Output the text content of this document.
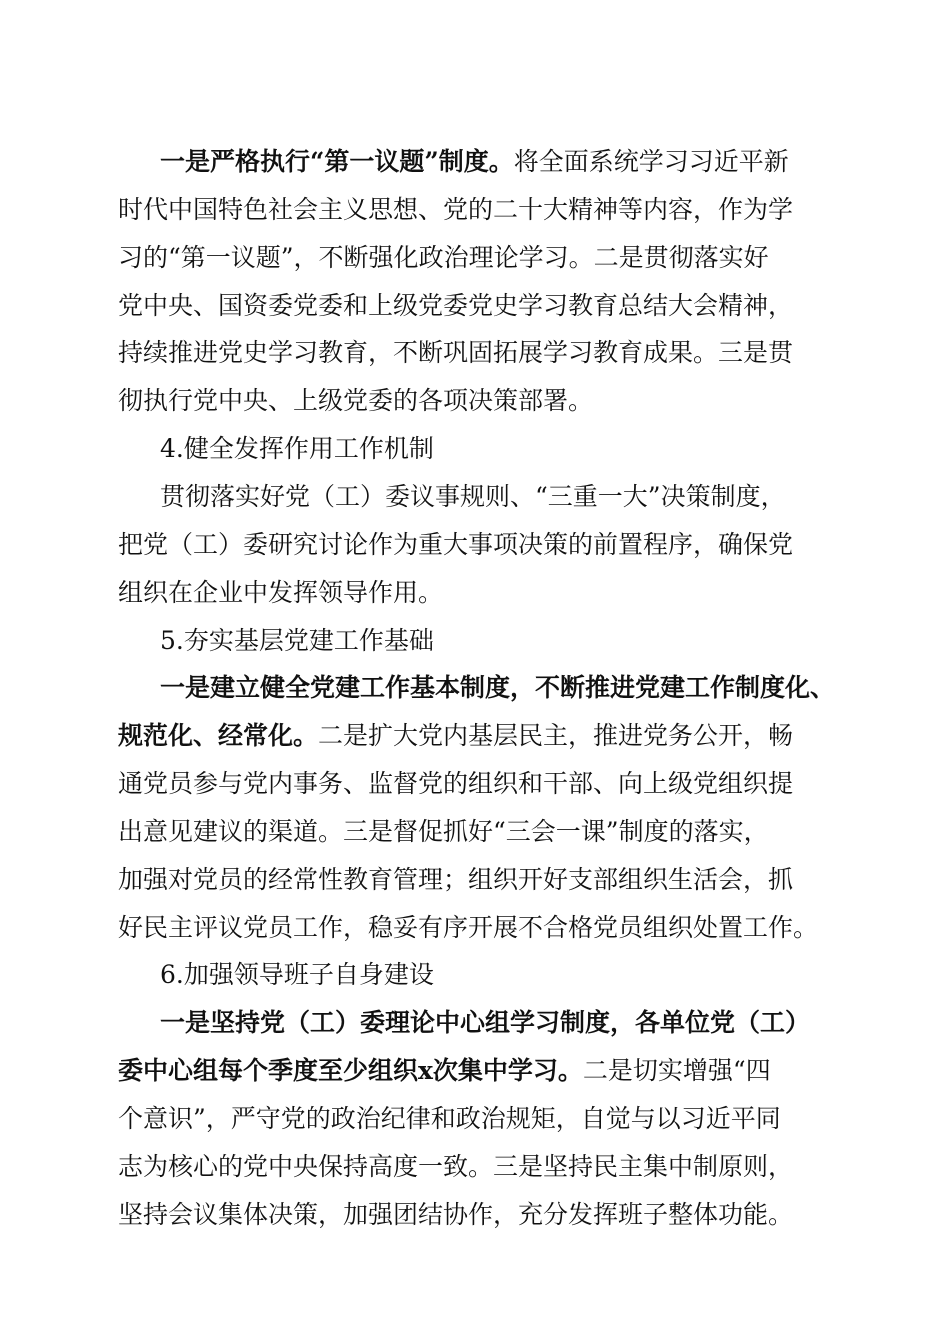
一是严格执行“第一议题”制度。将全面系统学习习近平新
时代中国特色社会主义思想、党的二十大精神等内容，作为学
习的“第一议题”，不断强化政治理论学习。二是贯彻落实好
党中央、国资委党委和上级党委党史学习教育总结大会精神，
持续推进党史学习教育，不断巩固拓展学习教育成果。三是贯
彻执行党中央、上级党委的各项决策部署。
4.健全发挥作用工作机制
贯彻落实好党（工）委议事规则、“三重一大”决策制度，
把党（工）委研究讨论作为重大事项决策的前置程序，确保党
组织在企业中发挥领导作用。
5.夯实基层党建工作基础
一是建立健全党建工作基本制度，不断推进党建工作制度化、
规范化、经常化。二是扩大党内基层民主，推进党务公开，畅
通党员参与党内事务、监督党的组织和干部、向上级党组织提
出意见建议的渠道。三是督促抓好“三会一课”制度的落实，
加强对党员的经常性教育管理；组织开好支部组织生活会，抓
好民主评议党员工作，稳妥有序开展不合格党员组织处置工作。
6.加强领导班子自身建设
一是坚持党（工）委理论中心组学习制度，各单位党（工）
委中心组每个季度至少组织x次集中学习。二是切实增强“四
个意识”，严守党的政治纪律和政治规矩，自觉与以习近平同
志为核心的党中央保持高度一致。三是坚持民主集中制原则，
坚持会议集体决策，加强团结协作，充分发挥班子整体功能。
